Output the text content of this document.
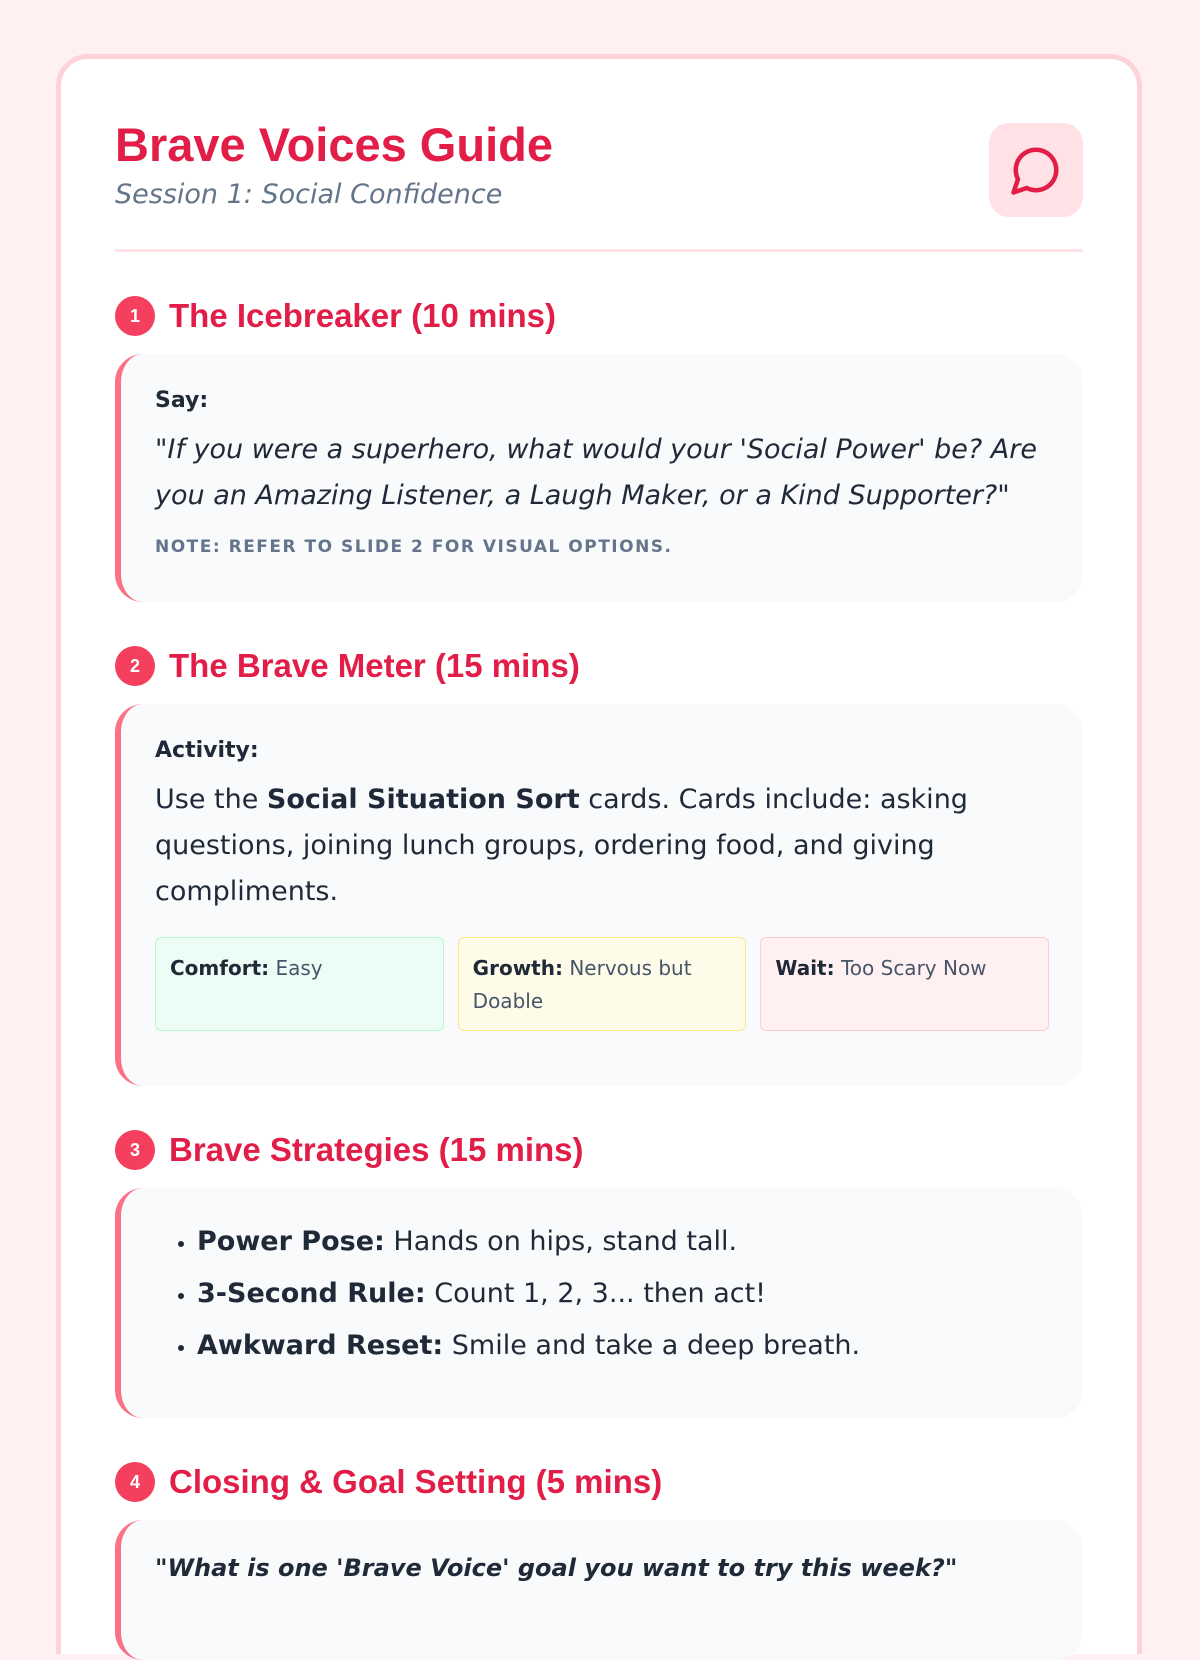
Brave Voices Guide
Session 1: Social Confidence
1 The Icebreaker (10 mins)
Say:
"If you were a superhero, what would your 'Social Power' be? Are you an Amazing Listener, a Laugh Maker, or a Kind Supporter?"
NOTE: REFER TO SLIDE 2 FOR VISUAL OPTIONS.
2 The Brave Meter (15 mins)
Activity:
Use the Social Situation Sort cards. Cards include: asking questions, joining lunch groups, ordering food, and giving compliments.
Comfort: Easy	Growth: Nervous but Doable
Wait: Too Scary Now
3 Brave Strategies (15 mins)
• Power Pose: Hands on hips, stand tall.
• 3-Second Rule: Count 1, 2, 3... then act!
• Awkward Reset: Smile and take a deep breath.
4 Closing & Goal Setting (5 mins)
"What is one 'Brave Voice' goal you want to try this week?"
